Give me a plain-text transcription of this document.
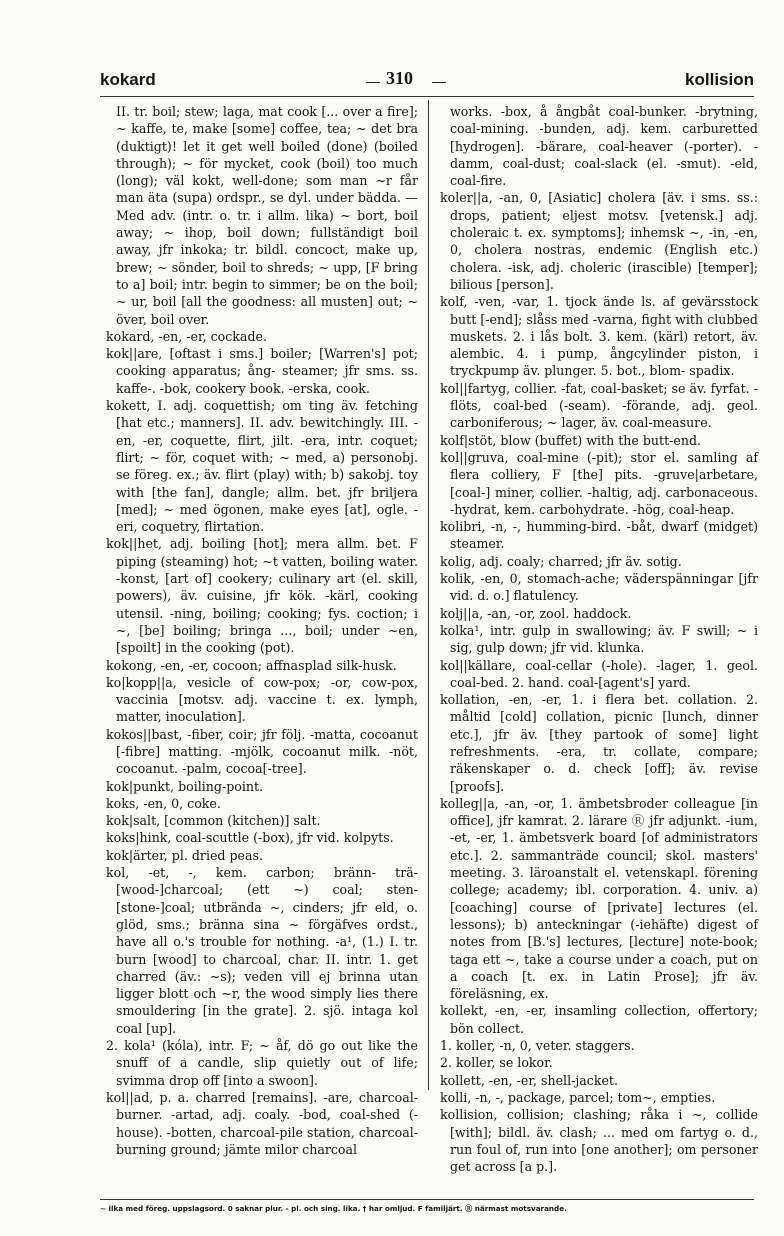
kokard	310	kollision

II. tr. boil; stew; laga, mat cook [... over a fire]; ~ kaffe, te, make [some] coffee, tea; ~ det bra (duktigt)! let it get well boiled (done) (boiled through); ~ för mycket, cook (boil) too much (long); väl kokt, well-done; som man ~r får man äta (supa) ordspr., se dyl. under bädda. — Med adv. (intr. o. tr. i allm. lika) ~ bort, boil away; ~ ihop, boil down; fullständigt boil away, jfr inkoka; tr. bildl. concoct, make up, brew; ~ sönder, boil to shreds; ~ upp, [F bring to a] boil; intr. begin to simmer; be on the boil; ~ ur, boil [all the goodness: all musten] out; ~ över, boil over.

kokard, -en, -er, cockade.

kok||are, [oftast i sms.] boiler; [Warren's] pot; cooking apparatus; ång- steamer; jfr sms. ss. kaffe-. -bok, cookery book. -erska, cook.

kokett, I. adj. coquettish; om ting äv. fetching [hat etc.; manners]. II. adv. bewitchingly. III. -en, -er, coquette, flirt, jilt. -era, intr. coquet; flirt; ~ för, coquet with; ~ med, a) personobj. se föreg. ex.; äv. flirt (play) with; b) sakobj. toy with [the fan], dangle; allm. bet. jfr briljera [med]; ~ med ögonen, make eyes [at], ogle. -eri, coquetry, flirtation.

kok||het, adj. boiling [hot]; mera allm. bet. F piping (steaming) hot; ~t vatten, boiling water. -konst, [art of] cookery; culinary art (el. skill, powers), äv. cuisine, jfr kök. -kärl, cooking utensil. -ning, boiling; cooking; fys. coction; i ~, [be] boiling; bringa ..., boil; under ~en, [spoilt] in the cooking (pot).

kokong, -en, -er, cocoon; affnasplad silk-husk.

ko|kopp||a, vesicle of cow-pox; -or, cow-pox, vaccinia [motsv. adj. vaccine t. ex. lymph, matter, inoculation].

kokos||bast, -fiber, coir; jfr följ. -matta, cocoanut [-fibre] matting. -mjölk, cocoanut milk. -nöt, cocoanut. -palm, cocoa[-tree].

kok|punkt, boiling-point.

koks, -en, 0, coke.

kok|salt, [common (kitchen)] salt.

koks|hink, coal-scuttle (-box), jfr vid. kolpyts.

kok|ärter, pl. dried peas.

kol, -et, -, kem. carbon; bränn- trä- [wood-]charcoal; (ett ~) coal; sten- [stone-]coal; utbrända ~, cinders; jfr eld, o. glöd, sms.; bränna sina ~ förgäfves ordst., have all o.'s trouble for nothing. -a¹, (1.) I. tr. burn [wood] to charcoal, char. II. intr. 1. get charred (äv.: ~s); veden vill ej brinna utan ligger blott och ~r, the wood simply lies there smouldering [in the grate]. 2. sjö. intaga kol coal [up].

2. kola¹ (kóla), intr. F; ~ åf, dö go out like the snuff of a candle, slip quietly out of life; svimma drop off [into a swoon].

kol||ad, p. a. charred [remains]. -are, charcoal-burner. -artad, adj. coaly. -bod, coal-shed (-house). -botten, charcoal-pile station, charcoal-burning ground; jämte milor charcoal

works. -box, å ångbåt coal-bunker. -brytning, coal-mining. -bunden, adj. kem. carburetted [hydrogen]. -bärare, coal-heaver (-porter). -damm, coal-dust; coal-slack (el. -smut). -eld, coal-fire.

koler||a, -an, 0, [Asiatic] cholera [äv. i sms. ss.: drops, patient; eljest motsv. [vetensk.] adj. choleraic t. ex. symptoms]; inhemsk ~, -in, -en, 0, cholera nostras, endemic (English etc.) cholera. -isk, adj. choleric (irascible) [temper]; bilious [person].

kolf, -ven, -var, 1. tjock ände ls. af gevärsstock butt [-end]; slåss med -varna, fight with clubbed muskets. 2. i lås bolt. 3. kem. (kärl) retort, äv. alembic. 4. i pump, ångcylinder piston, i tryckpump äv. plunger. 5. bot., blom- spadix.

kol||fartyg, collier. -fat, coal-basket; se äv. fyrfat. -flöts, coal-bed (-seam). -förande, adj. geol. carboniferous; ~ lager, äv. coal-measure.

kolf|stöt, blow (buffet) with the butt-end.

kol||gruva, coal-mine (-pit); stor el. samling af flera colliery, F [the] pits. -gruve|arbetare, [coal-] miner, collier. -haltig, adj. carbonaceous. -hydrat, kem. carbohydrate. -hög, coal-heap.

kolibri, -n, -, humming-bird. -båt, dwarf (midget) steamer.

kolig, adj. coaly; charred; jfr äv. sotig.

kolik, -en, 0, stomach-ache; väderspänningar [jfr vid. d. o.] flatulency.

kolj||a, -an, -or, zool. haddock.

kolka¹, intr. gulp in swallowing; äv. F swill; ~ i sig, gulp down; jfr vid. klunka.

kol||källare, coal-cellar (-hole). -lager, 1. geol. coal-bed. 2. hand. coal-[agent's] yard.

kollation, -en, -er, 1. i flera bet. collation. 2. måltid [cold] collation, picnic [lunch, dinner etc.], jfr äv. [they partook of some] light refreshments. -era, tr. collate, compare; räkenskaper o. d. check [off]; äv. revise [proofs].

kolleg||a, -an, -or, 1. ämbetsbroder colleague [in office], jfr kamrat. 2. lärare Ⓡ jfr adjunkt. -ium, -et, -er, 1. ämbetsverk board [of administrators etc.]. 2. sammanträde council; skol. masters' meeting. 3. läroanstalt el. vetenskapl. förening college; academy; ibl. corporation. 4. univ. a) [coaching] course of [private] lectures (el. lessons); b) anteckningar (-iehäfte) digest of notes from [B.'s] lectures, [lecture] note-book; taga ett ~, take a course under a coach, put on a coach [t. ex. in Latin Prose]; jfr äv. föreläsning, ex.

kollekt, -en, -er, insamling collection, offertory; bön collect.

1. koller, -n, 0, veter. staggers.

2. koller, se lokor.

kollett, -en, -er, shell-jacket.

kolli, -n, -, package, parcel; tom~, empties.

kollision, collision; clashing; råka i ~, collide [with]; bildl. äv. clash; ... med om fartyg o. d., run foul of, run into [one another]; om personer get across [a p.].

~ ilka med föreg. uppslagsord. 0 saknar plur. - pl. och sing. lika. † har omljud. F familjärt. Ⓡ närmast motsvarande.
